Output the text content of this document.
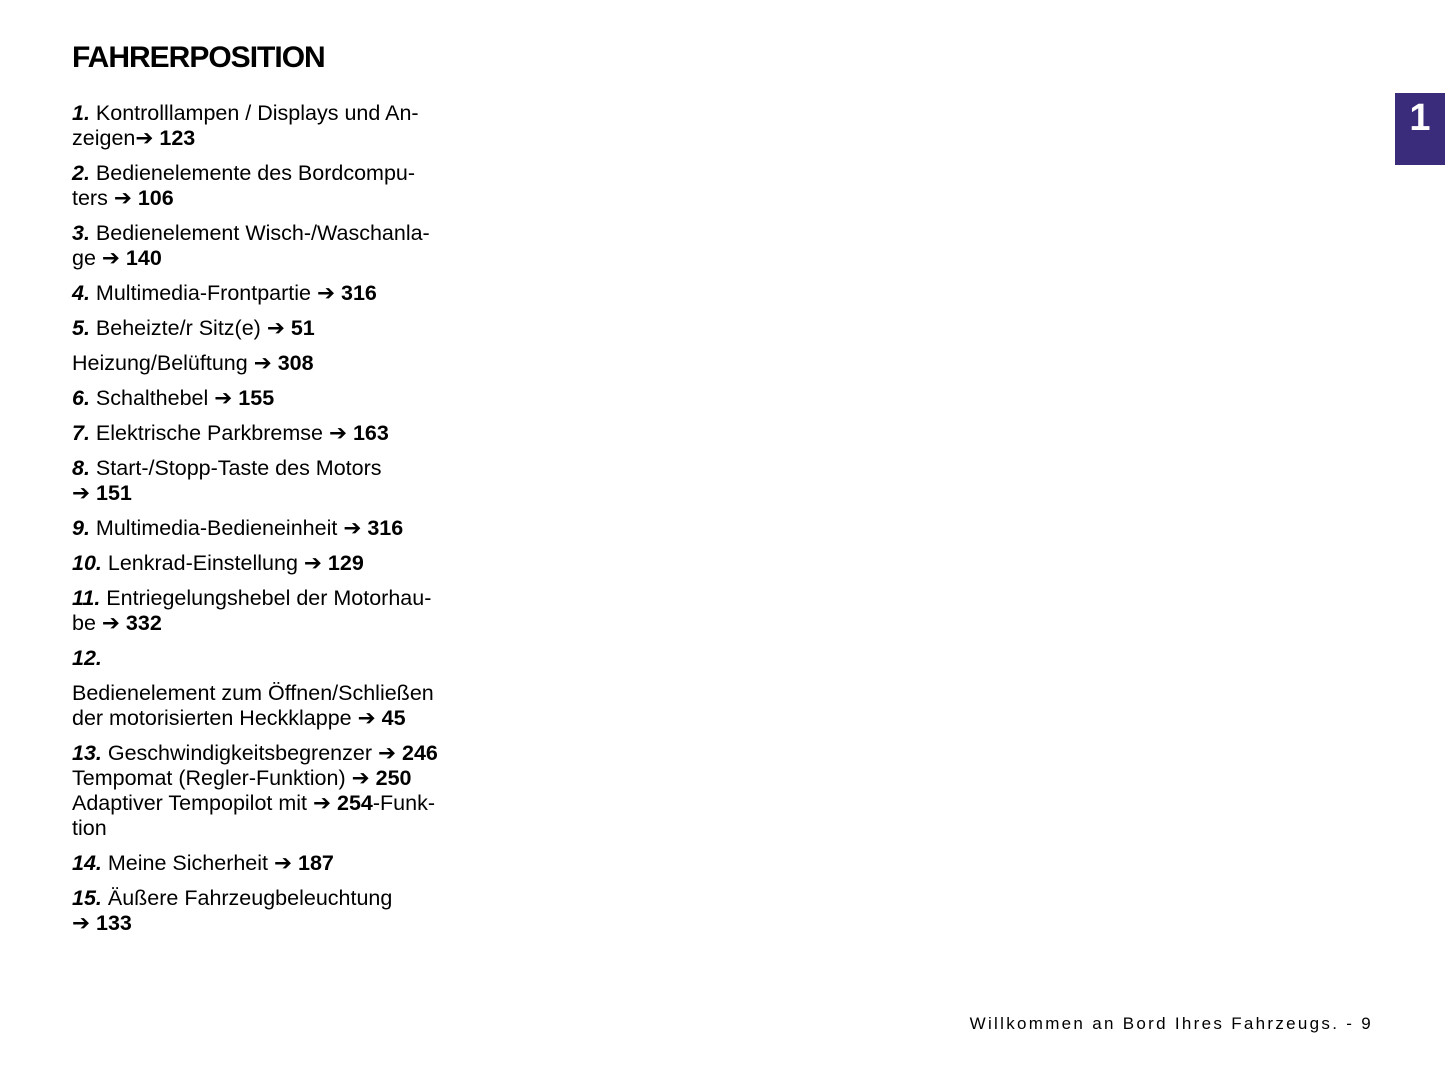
FAHRERPOSITION
1
1. Kontrolllampen / Displays und An-
zeigen➔ 123
2. Bedienelemente des Bordcompu-
ters ➔ 106
3. Bedienelement Wisch-/Waschanla-
ge ➔ 140
4. Multimedia-Frontpartie ➔ 316
5. Beheizte/r Sitz(e) ➔ 51
Heizung/Belüftung ➔ 308
6. Schalthebel ➔ 155
7. Elektrische Parkbremse ➔ 163
8. Start-/Stopp-Taste des Motors
➔ 151
9. Multimedia-Bedieneinheit ➔ 316
10. Lenkrad-Einstellung ➔ 129
11. Entriegelungshebel der Motorhau-
be ➔ 332
12.
Bedienelement zum Öffnen/Schließen
der motorisierten Heckklappe ➔ 45
13. Geschwindigkeitsbegrenzer ➔ 246
Tempomat (Regler-Funktion) ➔ 250
Adaptiver Tempopilot mit ➔ 254-Funk-
tion
14. Meine Sicherheit ➔ 187
15. Äußere Fahrzeugbeleuchtung
➔ 133
Willkommen an Bord Ihres Fahrzeugs. - 9
